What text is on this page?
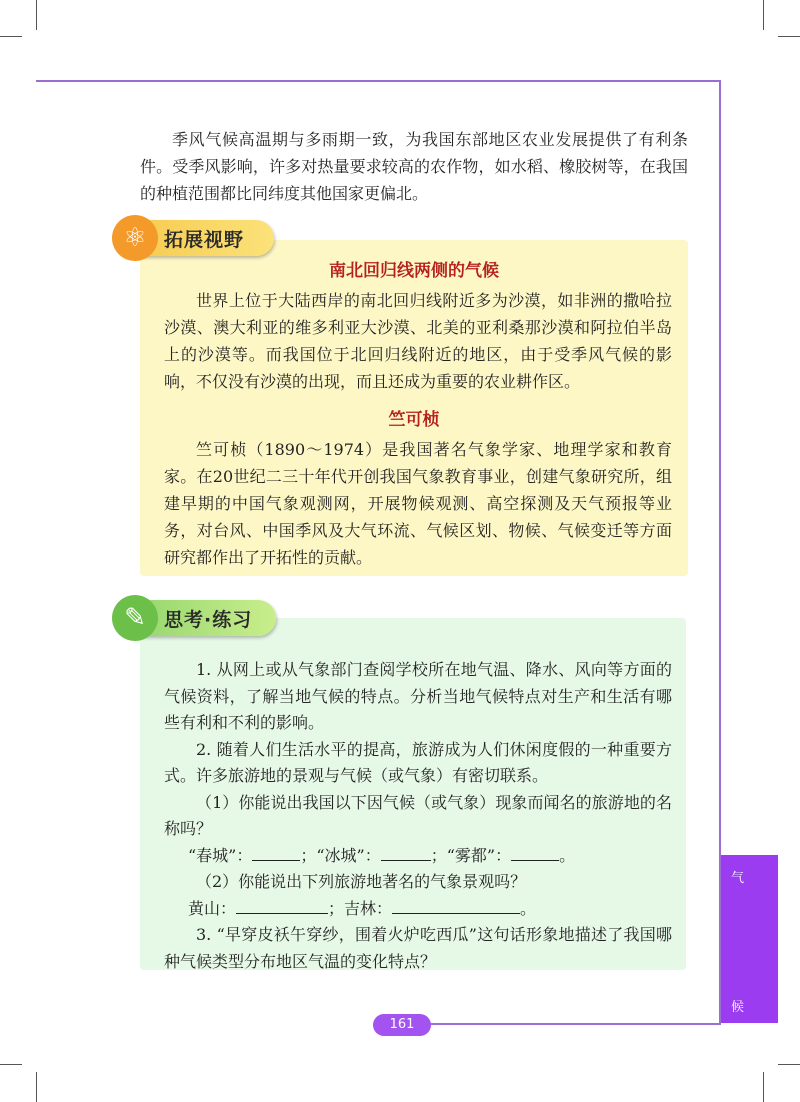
季风气候高温期与多雨期一致，为我国东部地区农业发展提供了有利条件。受季风影响，许多对热量要求较高的农作物，如水稻、橡胶树等，在我国的种植范围都比同纬度其他国家更偏北。

⚛ 拓展视野
南北回归线两侧的气候

世界上位于大陆西岸的南北回归线附近多为沙漠，如非洲的撒哈拉沙漠、澳大利亚的维多利亚大沙漠、北美的亚利桑那沙漠和阿拉伯半岛上的沙漠等。而我国位于北回归线附近的地区，由于受季风气候的影响，不仅没有沙漠的出现，而且还成为重要的农业耕作区。

竺可桢

竺可桢（1890～1974）是我国著名气象学家、地理学家和教育家。在20世纪二三十年代开创我国气象教育事业，创建气象研究所，组建早期的中国气象观测网，开展物候观测、高空探测及天气预报等业务，对台风、中国季风及大气环流、气候区划、物候、气候变迁等方面研究都作出了开拓性的贡献。

✎ 思考·练习

1. 从网上或从气象部门查阅学校所在地气温、降水、风向等方面的气候资料，了解当地气候的特点。分析当地气候特点对生产和生活有哪些有利和不利的影响。

2. 随着人们生活水平的提高，旅游成为人们休闲度假的一种重要方式。许多旅游地的景观与气候（或气象）有密切联系。

（1）你能说出我国以下因气候（或气象）现象而闻名的旅游地的名称吗？

“春城”：	；“冰城”：	；“雾都”：	。

（2）你能说出下列旅游地著名的气象景观吗？

黄山：	；吉林：	。

3. “早穿皮袄午穿纱，围着火炉吃西瓜”这句话形象地描述了我国哪种气候类型分布地区气温的变化特点？

气
候
161
